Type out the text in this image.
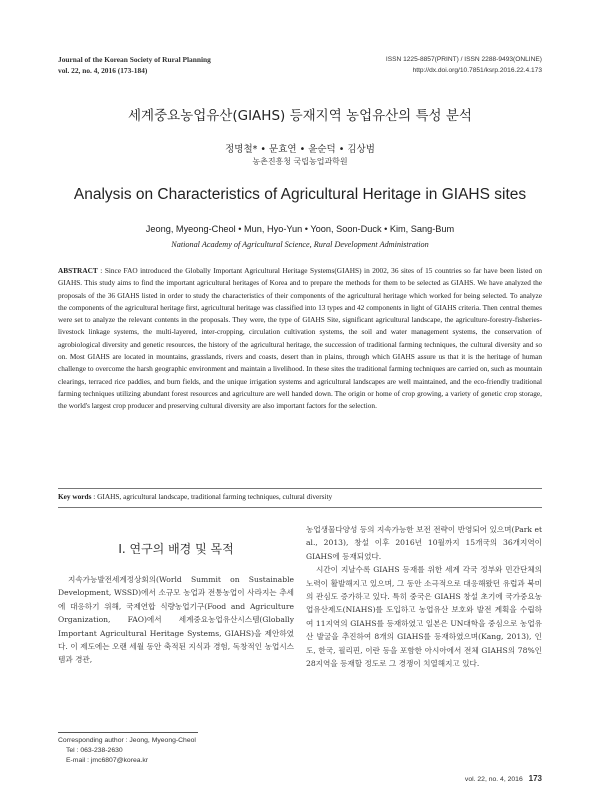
Journal of the Korean Society of Rural Planning
vol. 22, no. 4, 2016 (173-184)
ISSN 1225-8857(PRINT) / ISSN 2288-9493(ONLINE)
http://dx.doi.org/10.7851/ksrp.2016.22.4.173
세계중요농업유산(GIAHS) 등재지역 농업유산의 특성 분석
정명철* • 문효연 • 윤순덕 • 김상범
농촌진흥청 국립농업과학원
Analysis on Characteristics of Agricultural Heritage in GIAHS sites
Jeong, Myeong-Cheol • Mun, Hyo-Yun • Yoon, Soon-Duck • Kim, Sang-Bum
National Academy of Agricultural Science, Rural Development Administration
ABSTRACT : Since FAO introduced the Globally Important Agricultural Heritage Systems(GIAHS) in 2002, 36 sites of 15 countries so far have been listed on GIAHS. This study aims to find the important agricultural heritages of Korea and to prepare the methods for them to be selected as GIAHS. We have analyzed the proposals of the 36 GIAHS listed in order to study the characteristics of their components of the agricultural heritage which worked for being selected. To analyze the components of the agricultural heritage first, agricultural heritage was classified into 13 types and 42 components in light of GIAHS criteria. Then central themes were set to analyze the relevant contents in the proposals. They were, the type of GIAHS Site, significant agricultural landscape, the agriculture-forestry-fisheries-livestock linkage systems, the multi-layered, inter-cropping, circulation cultivation systems, the soil and water management systems, the conservation of agrobiological diversity and genetic resources, the history of the agricultural heritage, the succession of traditional farming techniques, the cultural diversity and so on. Most GIAHS are located in mountains, grasslands, rivers and coasts, desert than in plains, through which GIAHS assure us that it is the heritage of human challenge to overcome the harsh geographic environment and maintain a livelihood. In these sites the traditional farming techniques are carried on, such as mountain clearings, terraced rice paddies, and burn fields, and the unique irrigation systems and agricultural landscapes are well maintained, and the eco-friendly traditional farming techniques utilizing abundant forest resources and agriculture are well handed down. The origin or home of crop growing, a variety of genetic crop storage, the world's largest crop producer and preserving cultural diversity are also important factors for the selection.
Key words : GIAHS, agricultural landscape, traditional farming techniques, cultural diversity
I. 연구의 배경 및 목적

지속가능발전세계정상회의(World Summit on Sustainable Development, WSSD)에서 소규모 농업과 전통농업이 사라지는 추세에 대응하기 위해, 국제연합 식량농업기구(Food and Agriculture Organization, FAO)에서 세계중요농업유산시스템(Globally Important Agricultural Heritage Systems, GIAHS)을 제안하였다. 이 제도에는 오랜 세월 동안 축적된 지식과 경험, 독창적인 농업시스템과 경관,

농업생물다양성 등의 지속가능한 보전 전략이 반영되어 있으며(Park et al., 2013), 창설 이후 2016년 10월까지 15개국의 36개지역이 GIAHS에 등재되었다.

시간이 지날수록 GIAHS 등재를 위한 세계 각국 정부와 민간단체의 노력이 활발해지고 있으며, 그 동안 소극적으로 대응해왔던 유럽과 북미의 관심도 증가하고 있다. 특히 중국은 GIAHS 창설 초기에 국가중요농업유산제도(NIAHS)를 도입하고 농업유산 보호와 발전 계획을 수립하여 11지역의 GIAHS를 등재하였고 일본은 UN대학을 중심으로 농업유산 발굴을 추진하여 8개의 GIAHS를 등재하였으며(Kang, 2013), 인도, 한국, 필리핀, 이란 등을 포함한 아시아에서 전체 GIAHS의 78%인 28지역을 등재할 정도로 그 경쟁이 치열해지고 있다.

Corresponding author : Jeong, Myeong-Cheol
Tel : 063-238-2630
E-mail : jmc6807@korea.kr
vol. 22, no. 4, 2016 173
